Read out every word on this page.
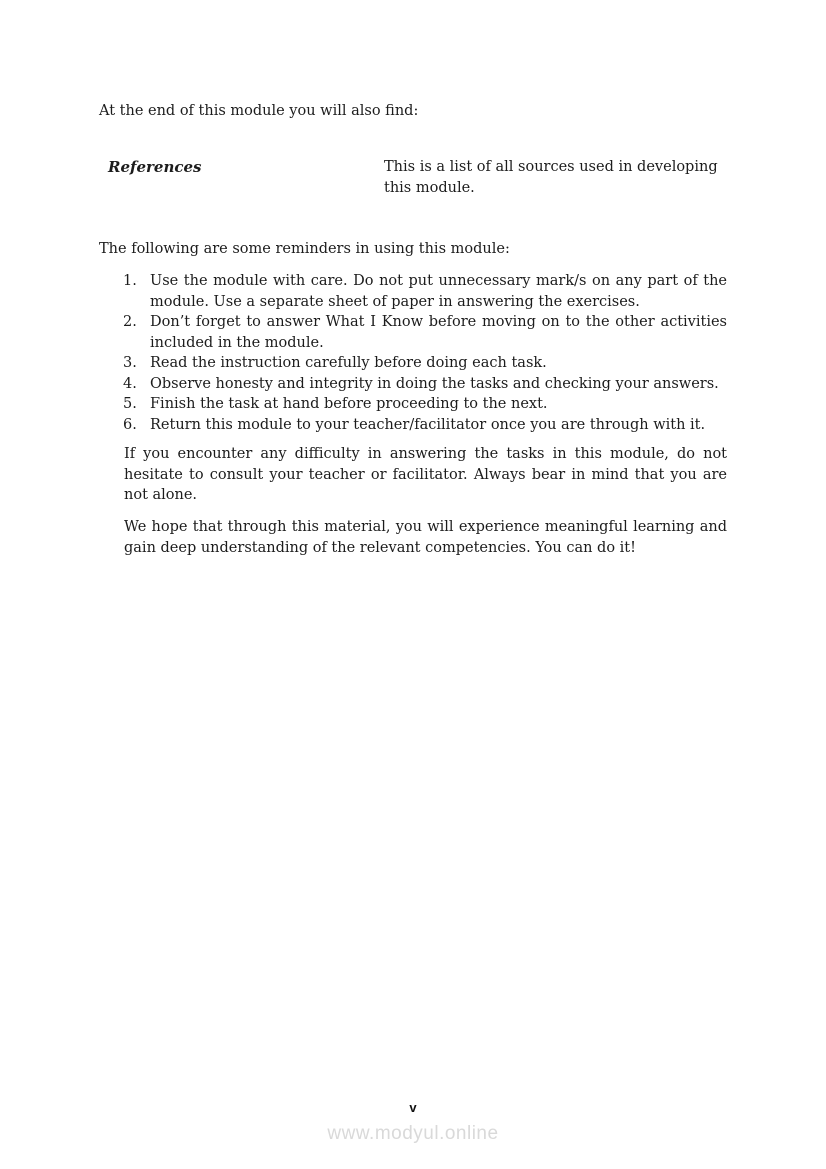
At the end of this module you will also find:
References	This is a list of all sources used in developing this module.
The following are some reminders in using this module:
1. Use the module with care. Do not put unnecessary mark/s on any part of the module. Use a separate sheet of paper in answering the exercises.
2. Don’t forget to answer What I Know before moving on to the other activities included in the module.
3. Read the instruction carefully before doing each task.
4. Observe honesty and integrity in doing the tasks and checking your answers.
5. Finish the task at hand before proceeding to the next.
6. Return this module to your teacher/facilitator once you are through with it.
If you encounter any difficulty in answering the tasks in this module, do not hesitate to consult your teacher or facilitator. Always bear in mind that you are not alone.
We hope that through this material, you will experience meaningful learning and gain deep understanding of the relevant competencies. You can do it!
v
www.modyul.online
